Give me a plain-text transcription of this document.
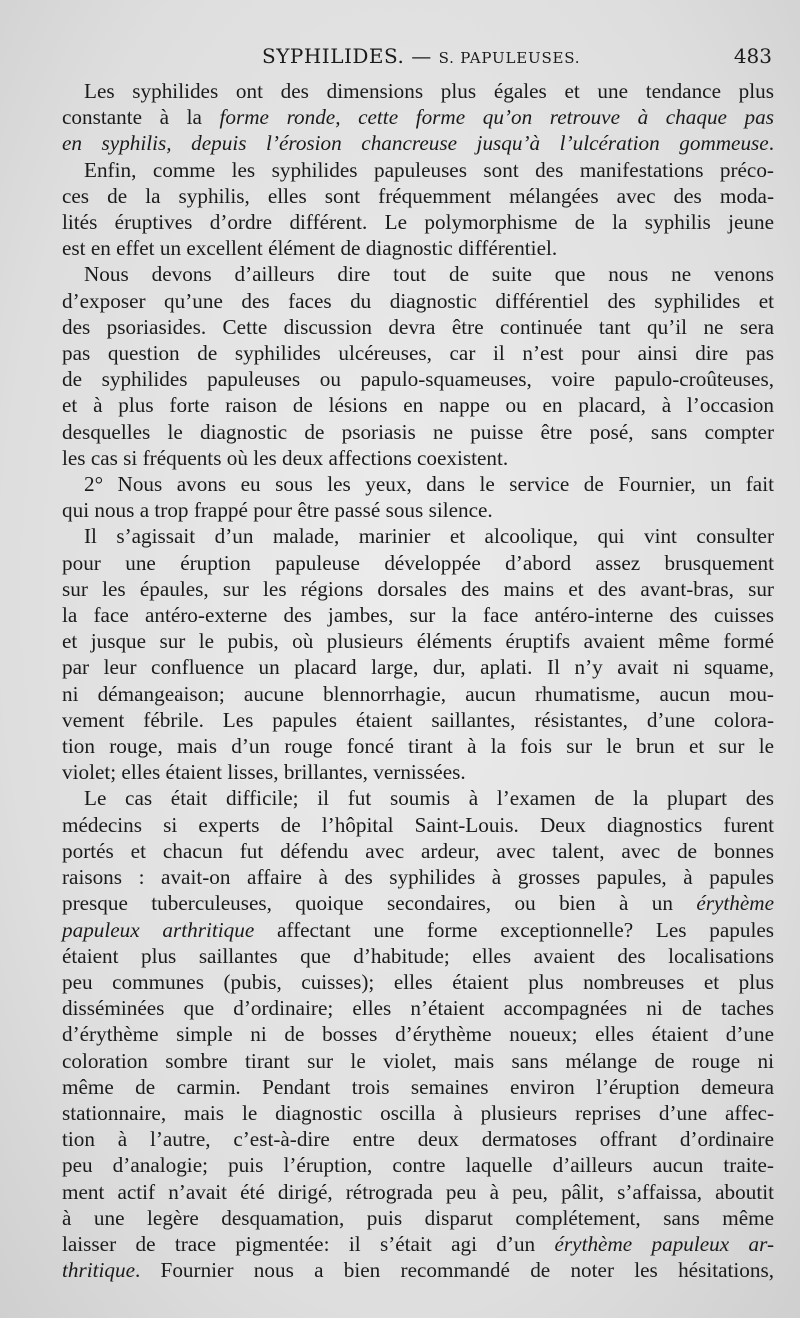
SYPHILIDES. — S. PAPULEUSES.	483
Les syphilides ont des dimensions plus égales et une tendance plus
constante à la forme ronde, cette forme qu’on retrouve à chaque pas
en syphilis, depuis l’érosion chancreuse jusqu’à l’ulcération gommeuse.
Enfin, comme les syphilides papuleuses sont des manifestations préco-
ces de la syphilis, elles sont fréquemment mélangées avec des moda-
lités éruptives d’ordre différent. Le polymorphisme de la syphilis jeune
est en effet un excellent élément de diagnostic différentiel.
Nous devons d’ailleurs dire tout de suite que nous ne venons
d’exposer qu’une des faces du diagnostic différentiel des syphilides et
des psoriasides. Cette discussion devra être continuée tant qu’il ne sera
pas question de syphilides ulcéreuses, car il n’est pour ainsi dire pas
de syphilides papuleuses ou papulo-squameuses, voire papulo-croûteuses,
et à plus forte raison de lésions en nappe ou en placard, à l’occasion
desquelles le diagnostic de psoriasis ne puisse être posé, sans compter
les cas si fréquents où les deux affections coexistent.
2° Nous avons eu sous les yeux, dans le service de Fournier, un fait
qui nous a trop frappé pour être passé sous silence.
Il s’agissait d’un malade, marinier et alcoolique, qui vint consulter
pour une éruption papuleuse développée d’abord assez brusquement
sur les épaules, sur les régions dorsales des mains et des avant-bras, sur
la face antéro-externe des jambes, sur la face antéro-interne des cuisses
et jusque sur le pubis, où plusieurs éléments éruptifs avaient même formé
par leur confluence un placard large, dur, aplati. Il n’y avait ni squame,
ni démangeaison; aucune blennorrhagie, aucun rhumatisme, aucun mou-
vement fébrile. Les papules étaient saillantes, résistantes, d’une colora-
tion rouge, mais d’un rouge foncé tirant à la fois sur le brun et sur le
violet; elles étaient lisses, brillantes, vernissées.
Le cas était difficile; il fut soumis à l’examen de la plupart des
médecins si experts de l’hôpital Saint-Louis. Deux diagnostics furent
portés et chacun fut défendu avec ardeur, avec talent, avec de bonnes
raisons : avait-on affaire à des syphilides à grosses papules, à papules
presque tuberculeuses, quoique secondaires, ou bien à un érythème
papuleux arthritique affectant une forme exceptionnelle? Les papules
étaient plus saillantes que d’habitude; elles avaient des localisations
peu communes (pubis, cuisses); elles étaient plus nombreuses et plus
disséminées que d’ordinaire; elles n’étaient accompagnées ni de taches
d’érythème simple ni de bosses d’érythème noueux; elles étaient d’une
coloration sombre tirant sur le violet, mais sans mélange de rouge ni
même de carmin. Pendant trois semaines environ l’éruption demeura
stationnaire, mais le diagnostic oscilla à plusieurs reprises d’une affec-
tion à l’autre, c’est-à-dire entre deux dermatoses offrant d’ordinaire
peu d’analogie; puis l’éruption, contre laquelle d’ailleurs aucun traite-
ment actif n’avait été dirigé, rétrograda peu à peu, pâlit, s’affaissa, aboutit
à une legère desquamation, puis disparut complétement, sans même
laisser de trace pigmentée: il s’était agi d’un érythème papuleux ar-
thritique. Fournier nous a bien recommandé de noter les hésitations,
